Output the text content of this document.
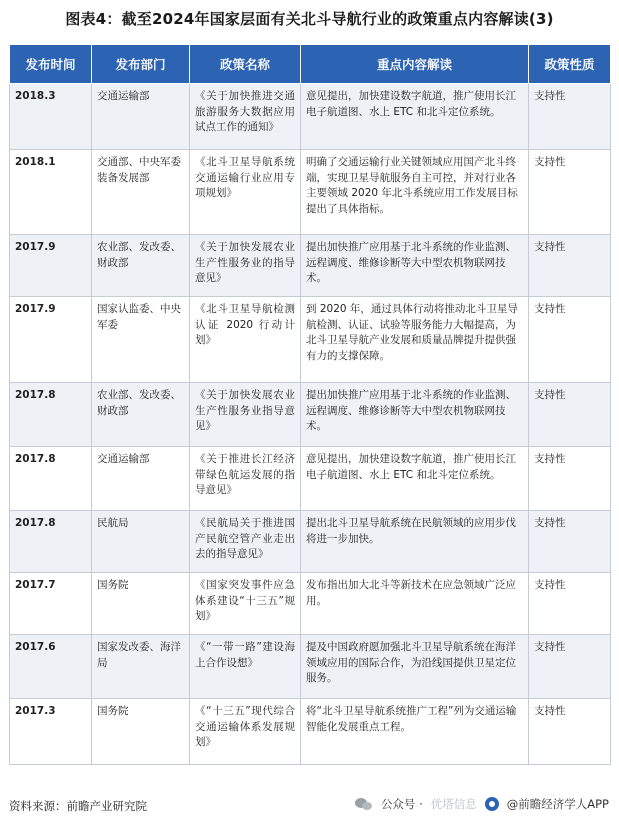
图表4：截至2024年国家层面有关北斗导航行业的政策重点内容解读(3)
发布时间	发布部门	政策名称	重点内容解读	政策性质
2018.3	交通运输部	《关于加快推进交通旅游服务大数据应用试点工作的通知》	意见提出，加快建设数字航道，推广使用长江电子航道图、水上 ETC 和北斗定位系统。	支持性
2018.1	交通部、中央军委装备发展部	《北斗卫星导航系统交通运输行业应用专项规划》	明确了交通运输行业关键领域应用国产北斗终端，实现卫星导航服务自主可控，并对行业各主要领域 2020 年北斗系统应用工作发展目标提出了具体指标。	支持性
2017.9	农业部、发改委、财政部	《关于加快发展农业生产性服务业的指导意见》	提出加快推广应用基于北斗系统的作业监测、远程调度、维修诊断等大中型农机物联网技术。	支持性
2017.9	国家认监委、中央军委	《北斗卫星导航检测认证 2020 行动计划》	到 2020 年，通过具体行动将推动北斗卫星导航检测、认证、试验等服务能力大幅提高，为北斗卫星导航产业发展和质量品牌提升提供强有力的支撑保障。	支持性
2017.8	农业部、发改委、财政部	《关于加快发展农业生产性服务业指导意见》	提出加快推广应用基于北斗系统的作业监测、远程调度、维修诊断等大中型农机物联网技术。	支持性
2017.8	交通运输部	《关于推进长江经济带绿色航运发展的指导意见》	意见提出，加快建设数字航道，推广使用长江电子航道图、水上 ETC 和北斗定位系统。	支持性
2017.8	民航局	《民航局关于推进国产民航空管产业走出去的指导意见》	提出北斗卫星导航系统在民航领域的应用步伐将进一步加快。	支持性
2017.7	国务院	《国家突发事件应急体系建设“十三五”规划》	发布指出加大北斗等新技术在应急领域广泛应用。	支持性
2017.6	国家发改委、海洋局	《“一带一路”建设海上合作设想》	提及中国政府愿加强北斗卫星导航系统在海洋领域应用的国际合作，为沿线国提供卫星定位服务。	支持性
2017.3	国务院	《“十三五”现代综合交通运输体系发展规划》	将“北斗卫星导航系统推广工程”列为交通运输智能化发展重点工程。	支持性
资料来源：前瞻产业研究院	公众号 · 优塔信息	@前瞻经济学人APP
